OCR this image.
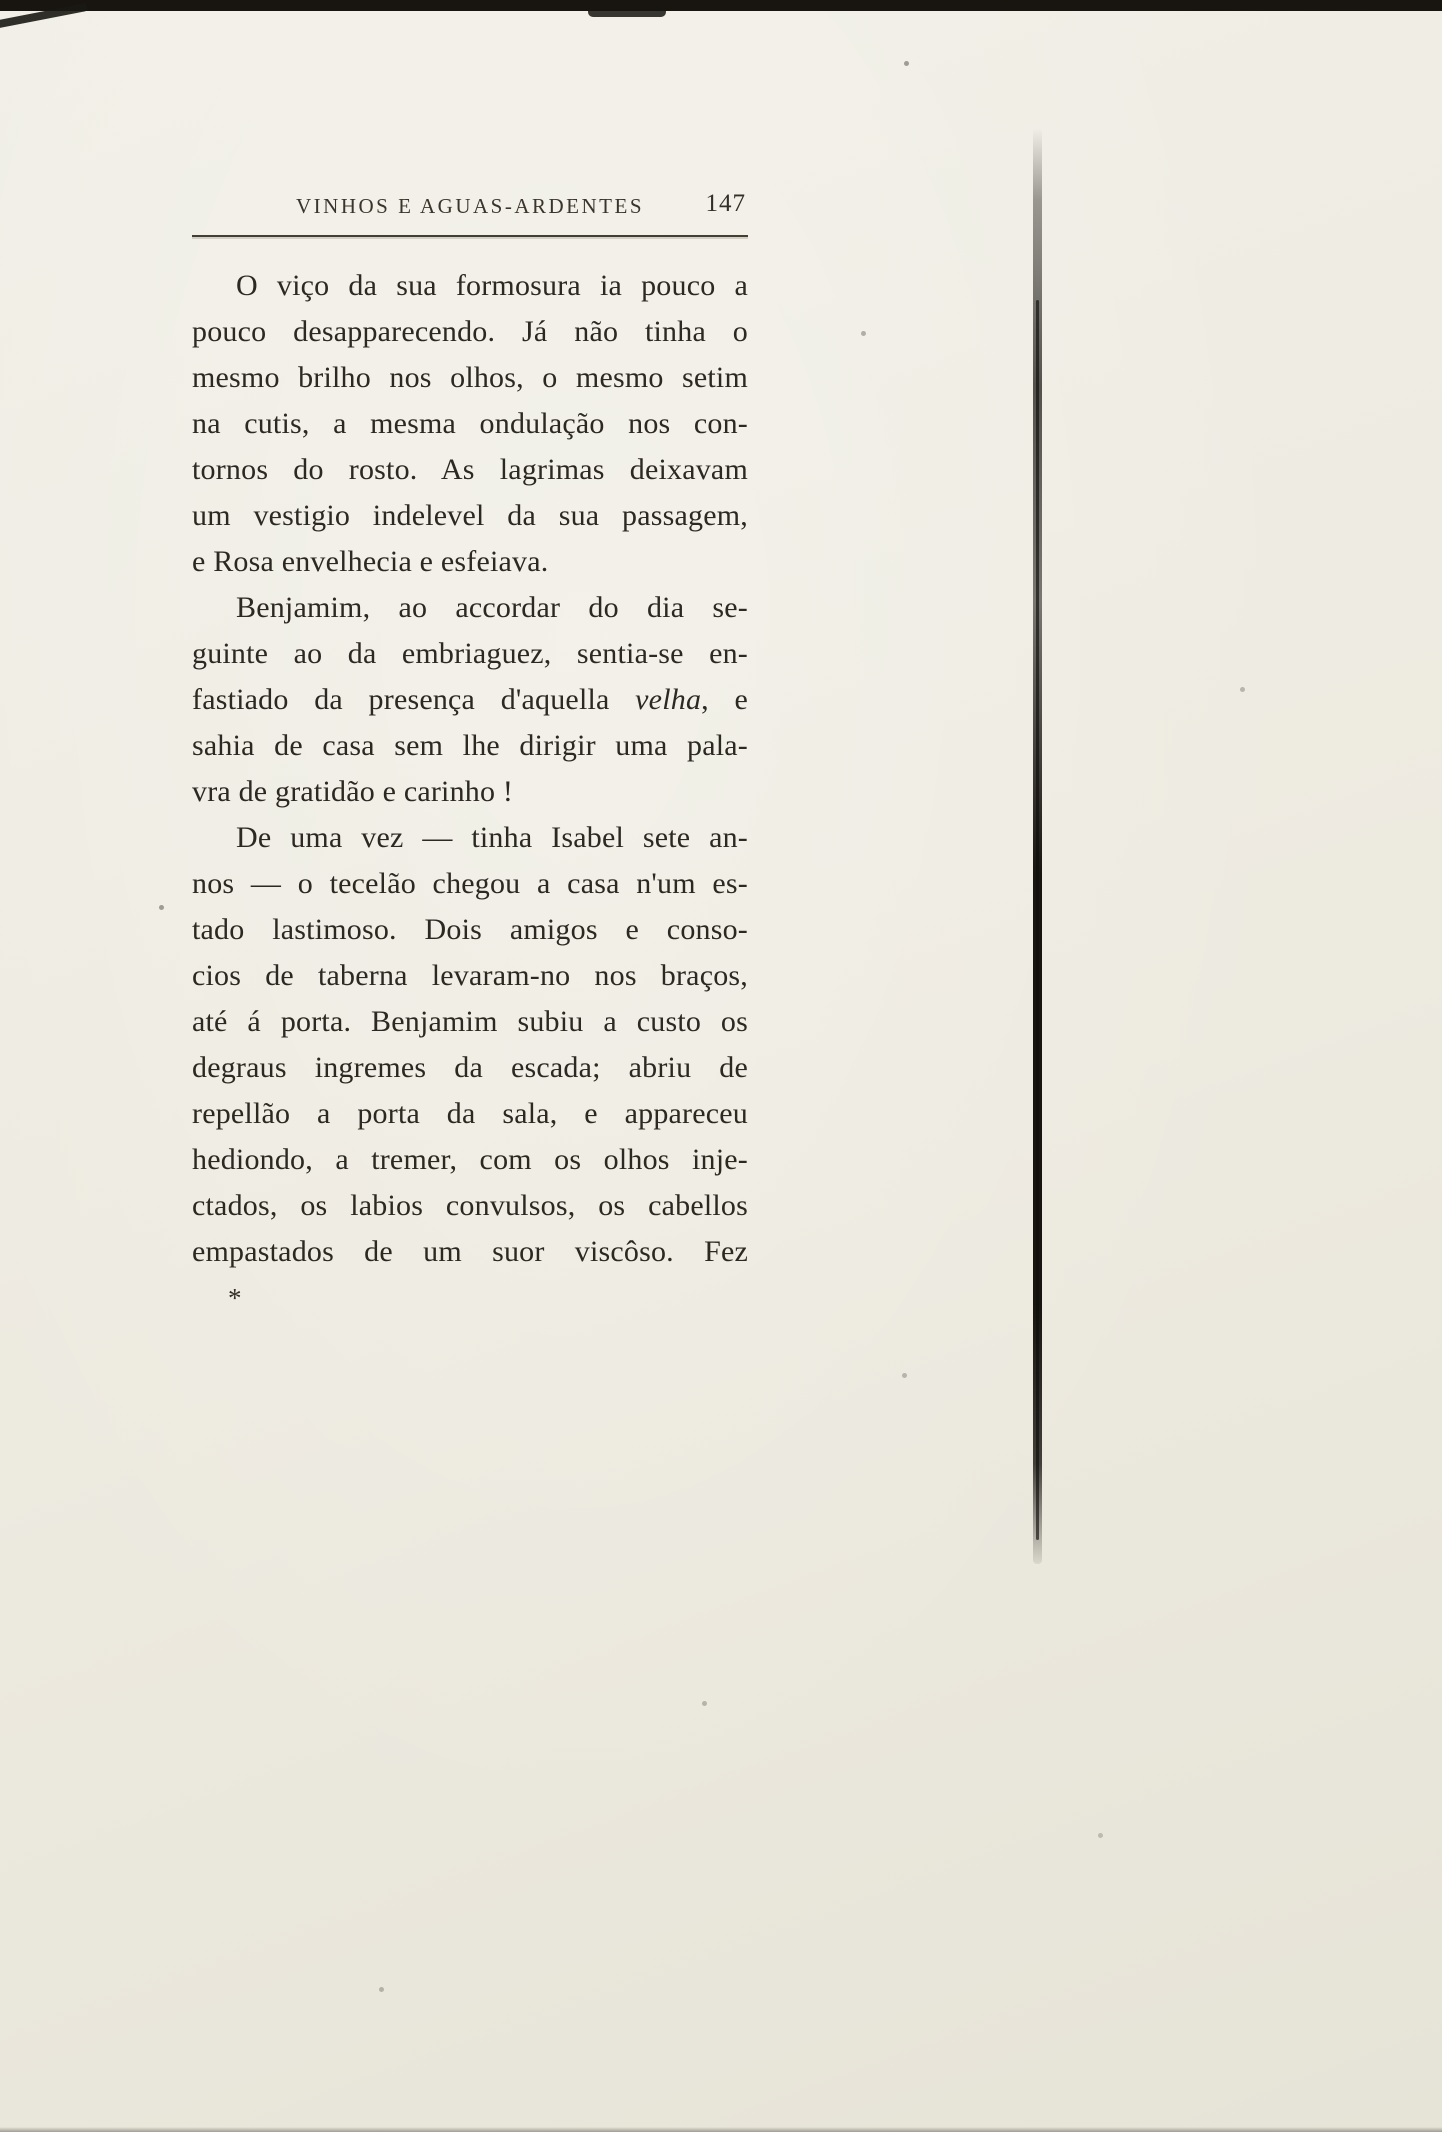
VINHOS E AGUAS-ARDENTES 147
O viço da sua formosura ia pouco a
pouco desapparecendo. Já não tinha o
mesmo brilho nos olhos, o mesmo setim
na cutis, a mesma ondulação nos con-
tornos do rosto. As lagrimas deixavam
um vestigio indelevel da sua passagem,
e Rosa envelhecia e esfeiava.
Benjamim, ao accordar do dia se-
guinte ao da embriaguez, sentia-se en-
fastiado da presença d'aquella velha, e
sahia de casa sem lhe dirigir uma pala-
vra de gratidão e carinho !
De uma vez — tinha Isabel sete an-
nos — o tecelão chegou a casa n'um es-
tado lastimoso. Dois amigos e conso-
cios de taberna levaram-no nos braços,
até á porta. Benjamim subiu a custo os
degraus ingremes da escada; abriu de
repellão a porta da sala, e appareceu
hediondo, a tremer, com os olhos inje-
ctados, os labios convulsos, os cabellos
empastados de um suor viscôso. Fez
*
